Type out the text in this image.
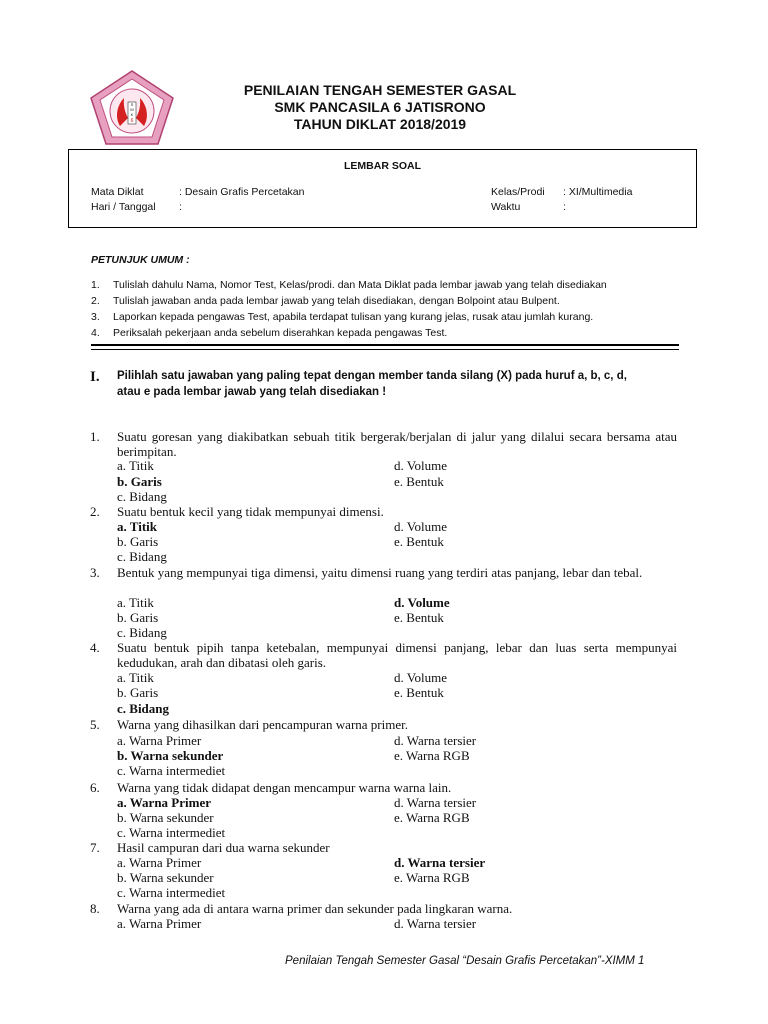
S
M
K
6
PENILAIAN TENGAH SEMESTER GASAL
SMK PANCASILA 6 JATISRONO
TAHUN DIKLAT 2018/2019
LEMBAR SOAL
Mata Diklat	: Desain Grafis Percetakan
Hari / Tanggal :
Kelas/Prodi : XI/Multimedia
Waktu	:
PETUNJUK UMUM :
1. Tulislah dahulu Nama, Nomor Test, Kelas/prodi. dan Mata Diklat pada lembar jawab yang telah disediakan
2. Tulislah jawaban anda pada lembar jawab yang telah disediakan, dengan Bolpoint atau Bulpent.
3. Laporkan kepada pengawas Test, apabila terdapat tulisan yang kurang jelas, rusak atau jumlah kurang.
4. Periksalah pekerjaan anda sebelum diserahkan kepada pengawas Test.
I. Pilihlah satu jawaban yang paling tepat dengan member tanda silang (X) pada huruf a, b, c, d,
atau e pada lembar jawab yang telah disediakan !
1. Suatu goresan yang diakibatkan sebuah titik bergerak/berjalan di jalur yang dilalui secara bersama atau berimpitan.
a. Titik
b. Garis
c. Bidang
d. Volume
e. Bentuk
2. Suatu bentuk kecil yang tidak mempunyai dimensi.
a. Titik
b. Garis
c. Bidang
d. Volume
e. Bentuk
3. Bentuk yang mempunyai tiga dimensi, yaitu dimensi ruang yang terdiri atas panjang, lebar dan tebal.
a. Titik
b. Garis
c. Bidang
d. Volume
e. Bentuk
4. Suatu bentuk pipih tanpa ketebalan, mempunyai dimensi panjang, lebar dan luas serta mempunyai kedudukan, arah dan dibatasi oleh garis.
a. Titik
b. Garis
c. Bidang
d. Volume
e. Bentuk
5. Warna yang dihasilkan dari pencampuran warna primer.
a. Warna Primer
b. Warna sekunder
c. Warna intermediet
d. Warna tersier
e. Warna RGB
6. Warna yang tidak didapat dengan mencampur warna warna lain.
a. Warna Primer
b. Warna sekunder
c. Warna intermediet
d. Warna tersier
e. Warna RGB
7. Hasil campuran dari dua warna sekunder
a. Warna Primer
b. Warna sekunder
c. Warna intermediet
d. Warna tersier
e. Warna RGB
8. Warna yang ada di antara warna primer dan sekunder pada lingkaran warna.
a. Warna Primer	d. Warna tersier
Penilaian Tengah Semester Gasal “Desain Grafis Percetakan”-XIMM 1
